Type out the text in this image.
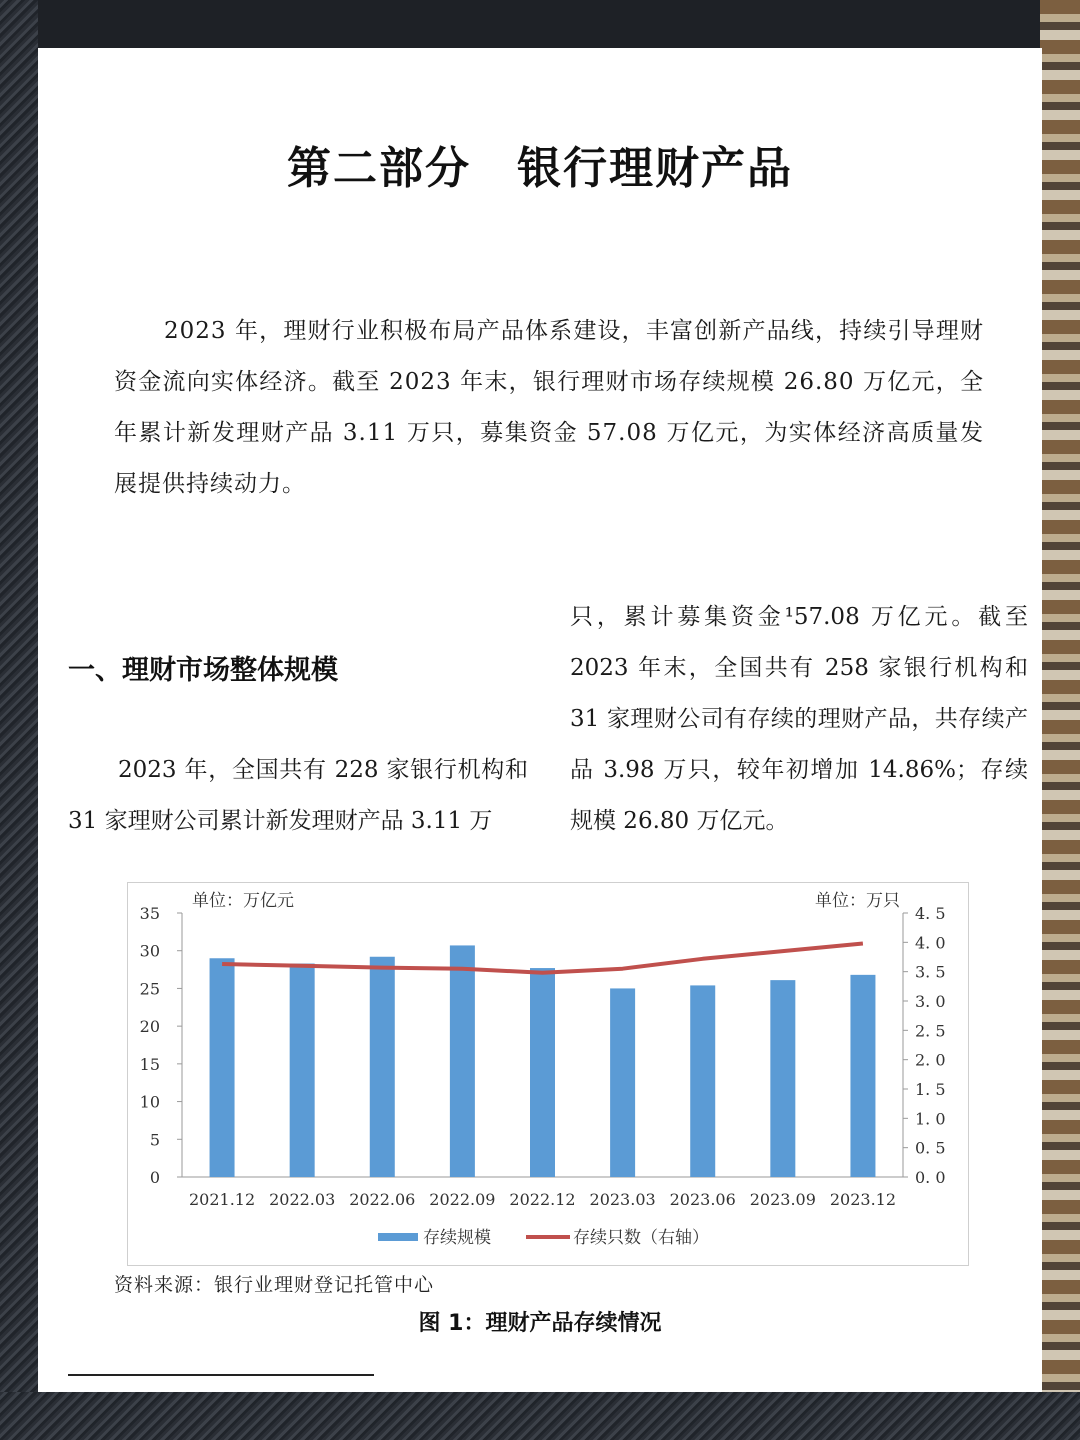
第二部分　银行理财产品
2023 年，理财行业积极布局产品体系建设，丰富创新产品线，持续引导理财资金流向实体经济。截至 2023 年末，银行理财市场存续规模 26.80 万亿元，全年累计新发理财产品 3.11 万只，募集资金 57.08 万亿元，为实体经济高质量发展提供持续动力。
一、理财市场整体规模
2023 年，全国共有 228 家银行机构和 31 家理财公司累计新发理财产品 3.11 万
只，累计募集资金¹57.08 万亿元。截至 2023 年末，全国共有 258 家银行机构和 31 家理财公司有存续的理财产品，共存续产品 3.98 万只，较年初增加 14.86%；存续规模 26.80 万亿元。
0
5
10
15
20
25
30
35
0. 0
0. 5
1. 0
1. 5
2. 0
2. 5
3. 0
3. 5
4. 0
4. 5
单位：万亿元	单位：万只
2021.12 2022.03 2022.06 2022.09 2022.12 2023.03 2023.06 2023.09 2023.12
存续规模	存续只数（右轴）
资料来源：银行业理财登记托管中心
图 1：理财产品存续情况
